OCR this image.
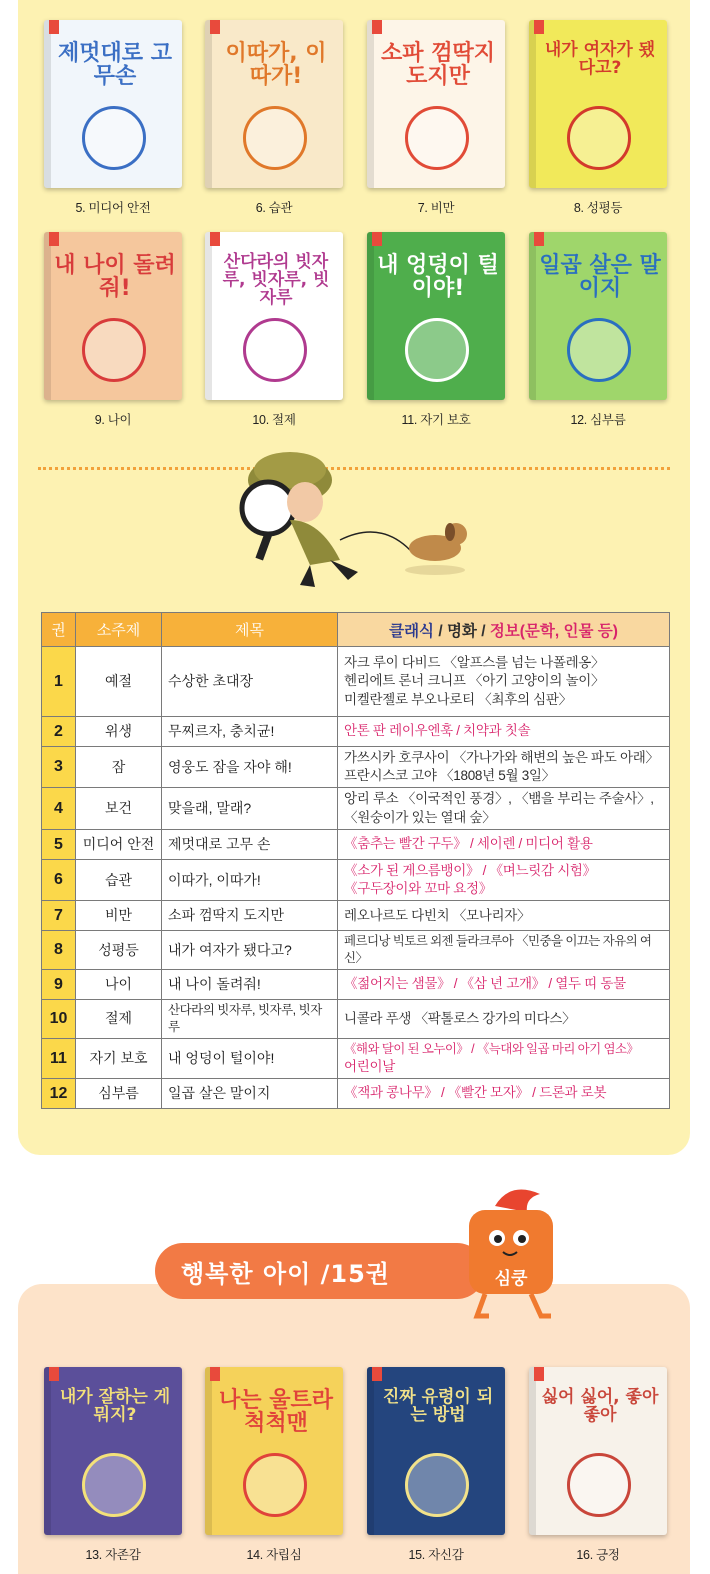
제멋대로 고무손
5. 미디어 안전
이따가, 이따가!
6. 습관
소파 껌딱지 도지만
7. 비만
내가 여자가 됐다고?
8. 성평등
내 나이 돌려줘!
9. 나이
산다라의 빗자루, 빗자루, 빗자루
10. 절제
내 엉덩이 털이야!
11. 자기 보호
일곱 살은 말이지
12. 심부름
권	소주제	제목	클래식 / 명화 / 정보(문학, 인물 등)
1	예절	수상한 초대장	자크 루이 다비드 〈알프스를 넘는 나폴레옹〉
헨리에트 론너 크니프 〈아기 고양이의 놀이〉
미켈란젤로 부오나로티 〈최후의 심판〉

2	위생	무찌르자, 충치균!	안톤 판 레이우엔훅 / 치약과 칫솔

3	잠	영웅도 잠을 자야 해!	가쓰시카 호쿠사이 〈가나가와 해변의 높은 파도 아래〉
프란시스코 고야 〈1808년 5월 3일〉

4	보건	맞을래, 말래?	앙리 루소 〈이국적인 풍경〉, 〈뱀을 부리는 주술사〉,
〈원숭이가 있는 열대 숲〉

5	미디어 안전	제멋대로 고무 손	《춤추는 빨간 구두》 / 세이렌 / 미디어 활용

6	습관	이따가, 이따가!	《소가 된 게으름뱅이》 / 《며느릿감 시험》
《구두장이와 꼬마 요정》

7	비만	소파 껌딱지 도지만	레오나르도 다빈치 〈모나리자〉

8	성평등	내가 여자가 됐다고?	페르디낭 빅토르 외젠 들라크루아 〈민중을 이끄는 자유의 여신〉

9	나이	내 나이 돌려줘!	《젊어지는 샘물》 / 《삼 년 고개》 / 열두 띠 동물

10	절제	산다라의 빗자루, 빗자루, 빗자루	니콜라 푸생 〈팍톨로스 강가의 미다스〉

11	자기 보호	내 엉덩이 털이야!	《해와 달이 된 오누이》 / 《늑대와 일곱 마리 아기 염소》
어린이날

12	심부름	일곱 살은 말이지	《잭과 콩나무》 / 《빨간 모자》 / 드론과 로봇
행복한 아이 /15권	심쿵
내가 잘하는 게 뭐지?
13. 자존감
나는 울트라 척척맨
14. 자립심
진짜 유령이 되는 방법
15. 자신감
싫어 싫어, 좋아 좋아
16. 긍정
